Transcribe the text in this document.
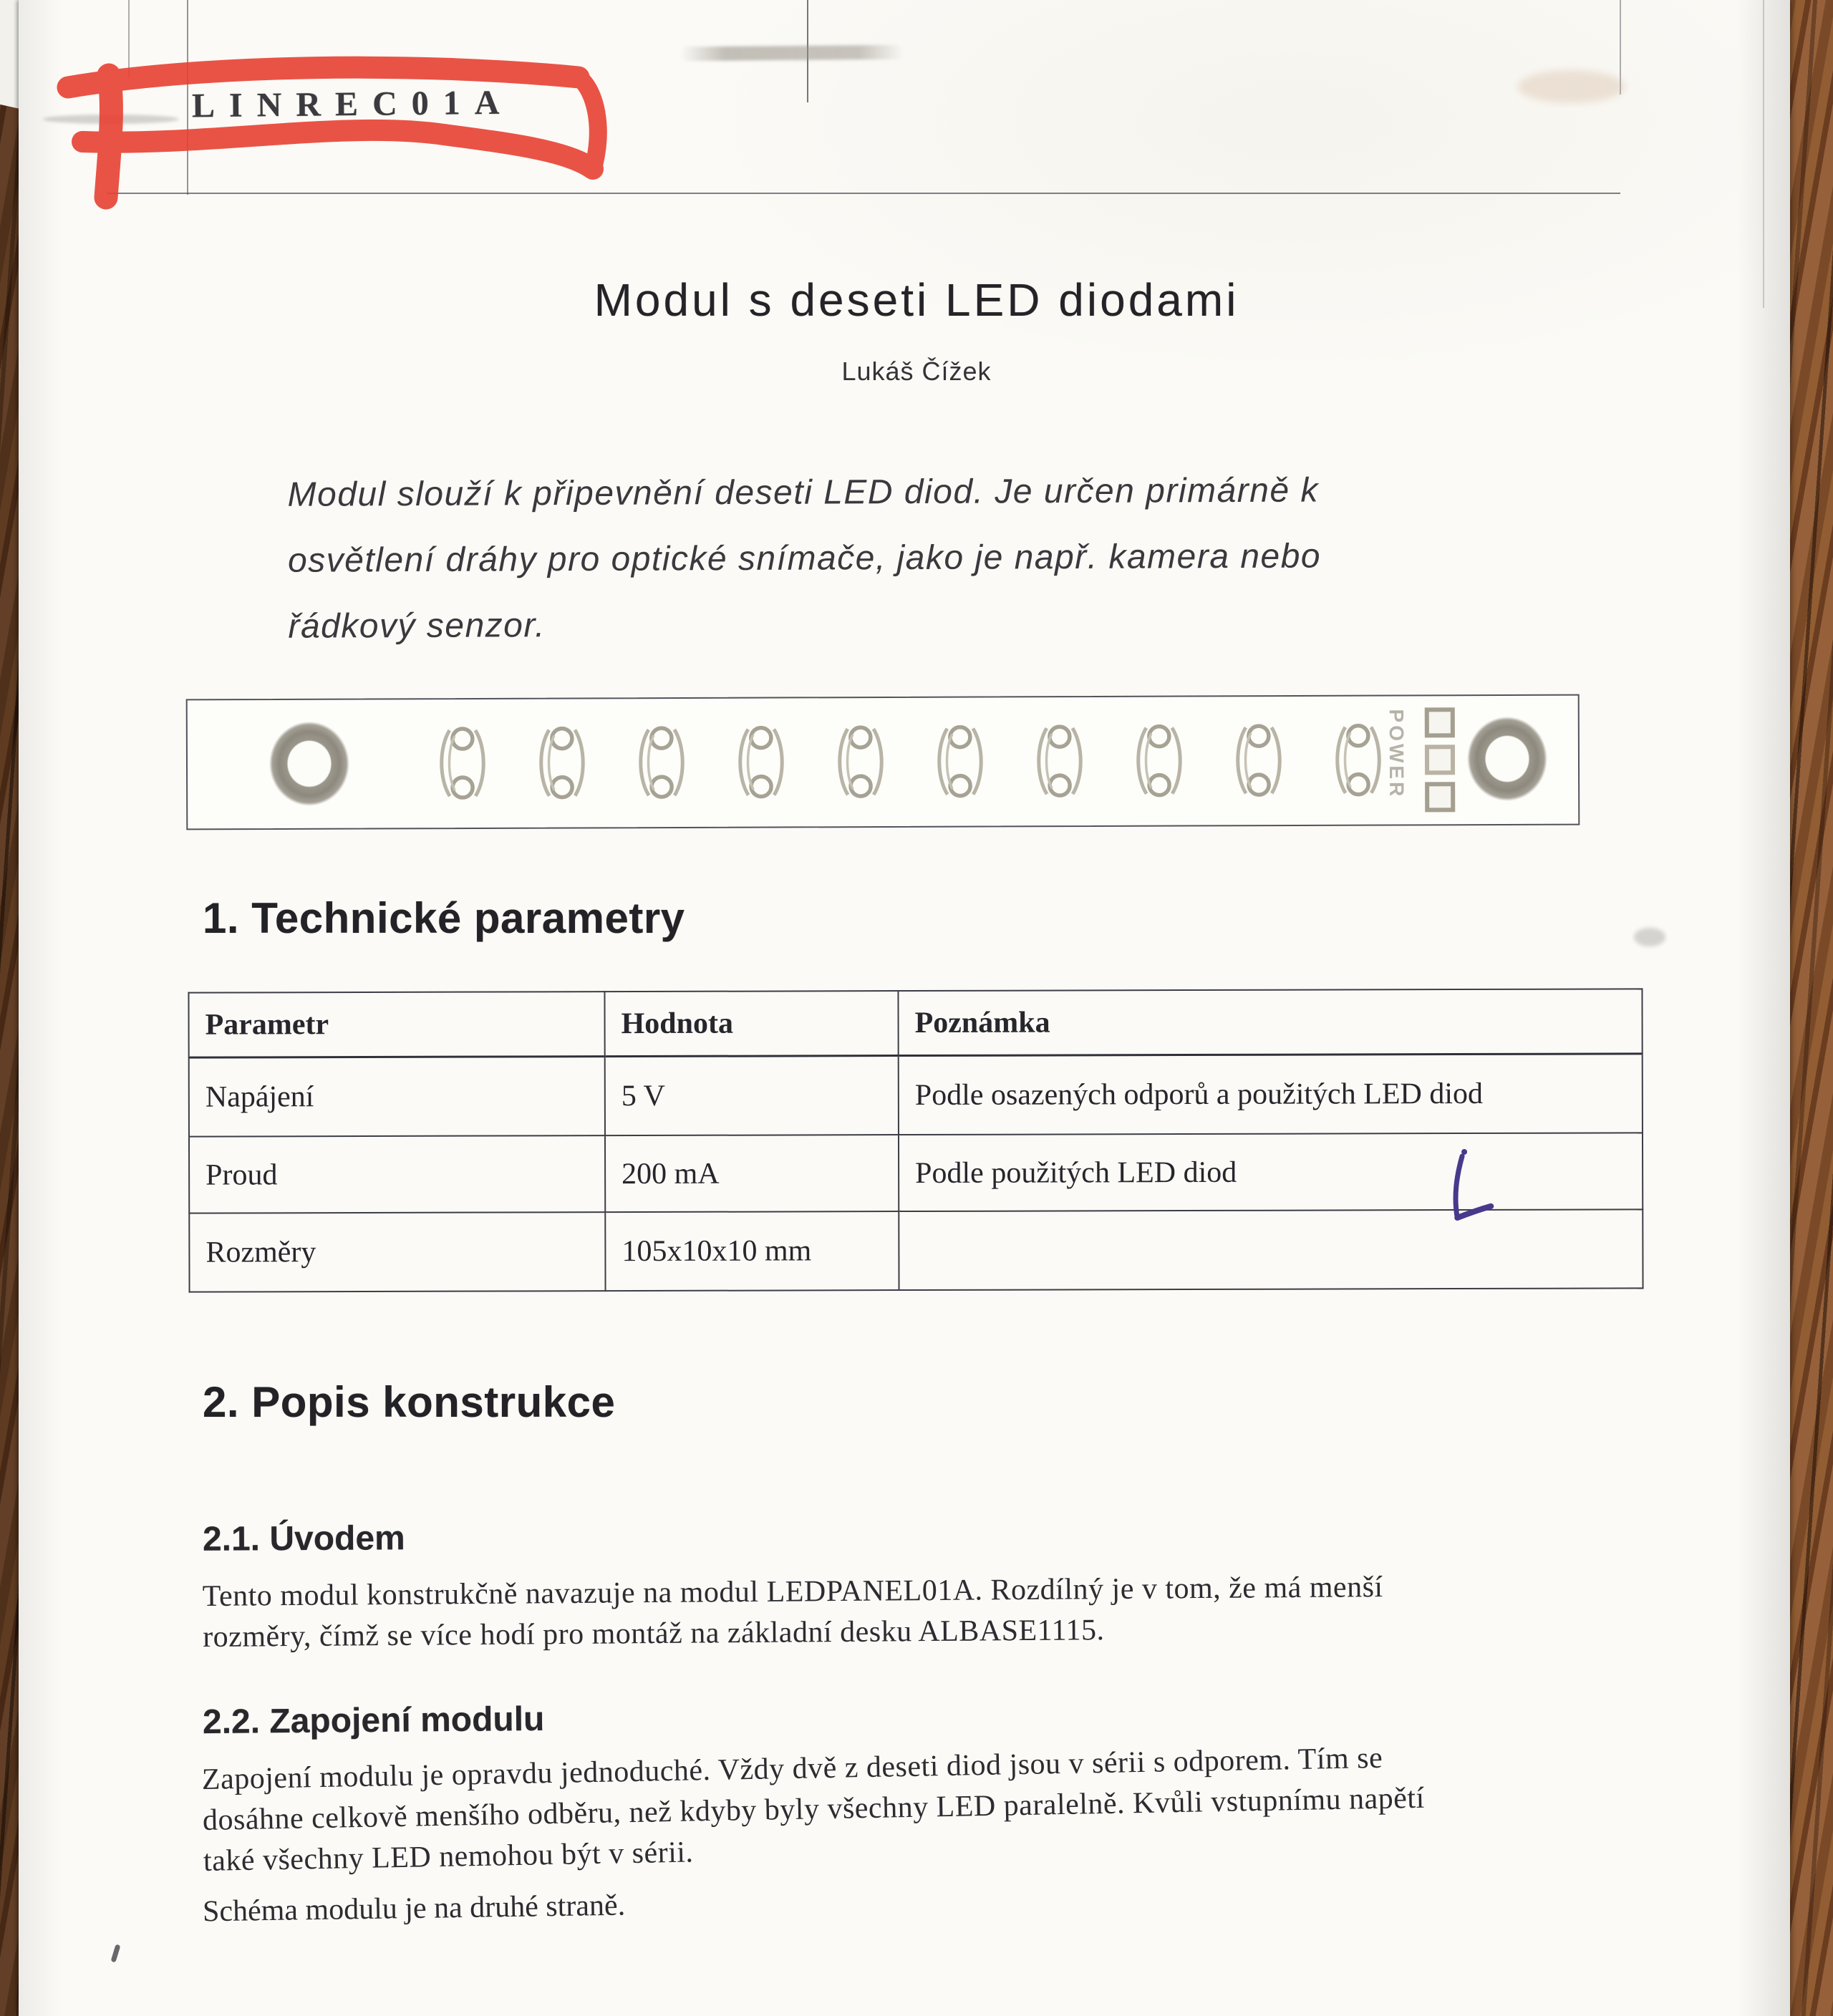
LINREC01A
Modul s deseti LED diodami
Lukáš Čížek
Modul slouží k připevnění deseti LED diod. Je určen primárně k
osvětlení dráhy pro optické snímače, jako je např. kamera nebo
řádkový senzor.
POWER
1. Technické parametry
Parametr	Hodnota	Poznámka
Napájení	5 V	Podle osazených odporů a použitých LED diod
Proud	200 mA	Podle použitých LED diod
Rozměry	105x10x10 mm	
2. Popis konstrukce
2.1. Úvodem
Tento modul konstrukčně navazuje na modul LEDPANEL01A. Rozdílný je v tom, že má menší
rozměry, čímž se více hodí pro montáž na základní desku ALBASE1115.
2.2. Zapojení modulu
Zapojení modulu je opravdu jednoduché. Vždy dvě z deseti diod jsou v sérii s odporem. Tím se
dosáhne celkově menšího odběru, než kdyby byly všechny LED paralelně. Kvůli vstupnímu napětí
také všechny LED nemohou být v sérii.
Schéma modulu je na druhé straně.
